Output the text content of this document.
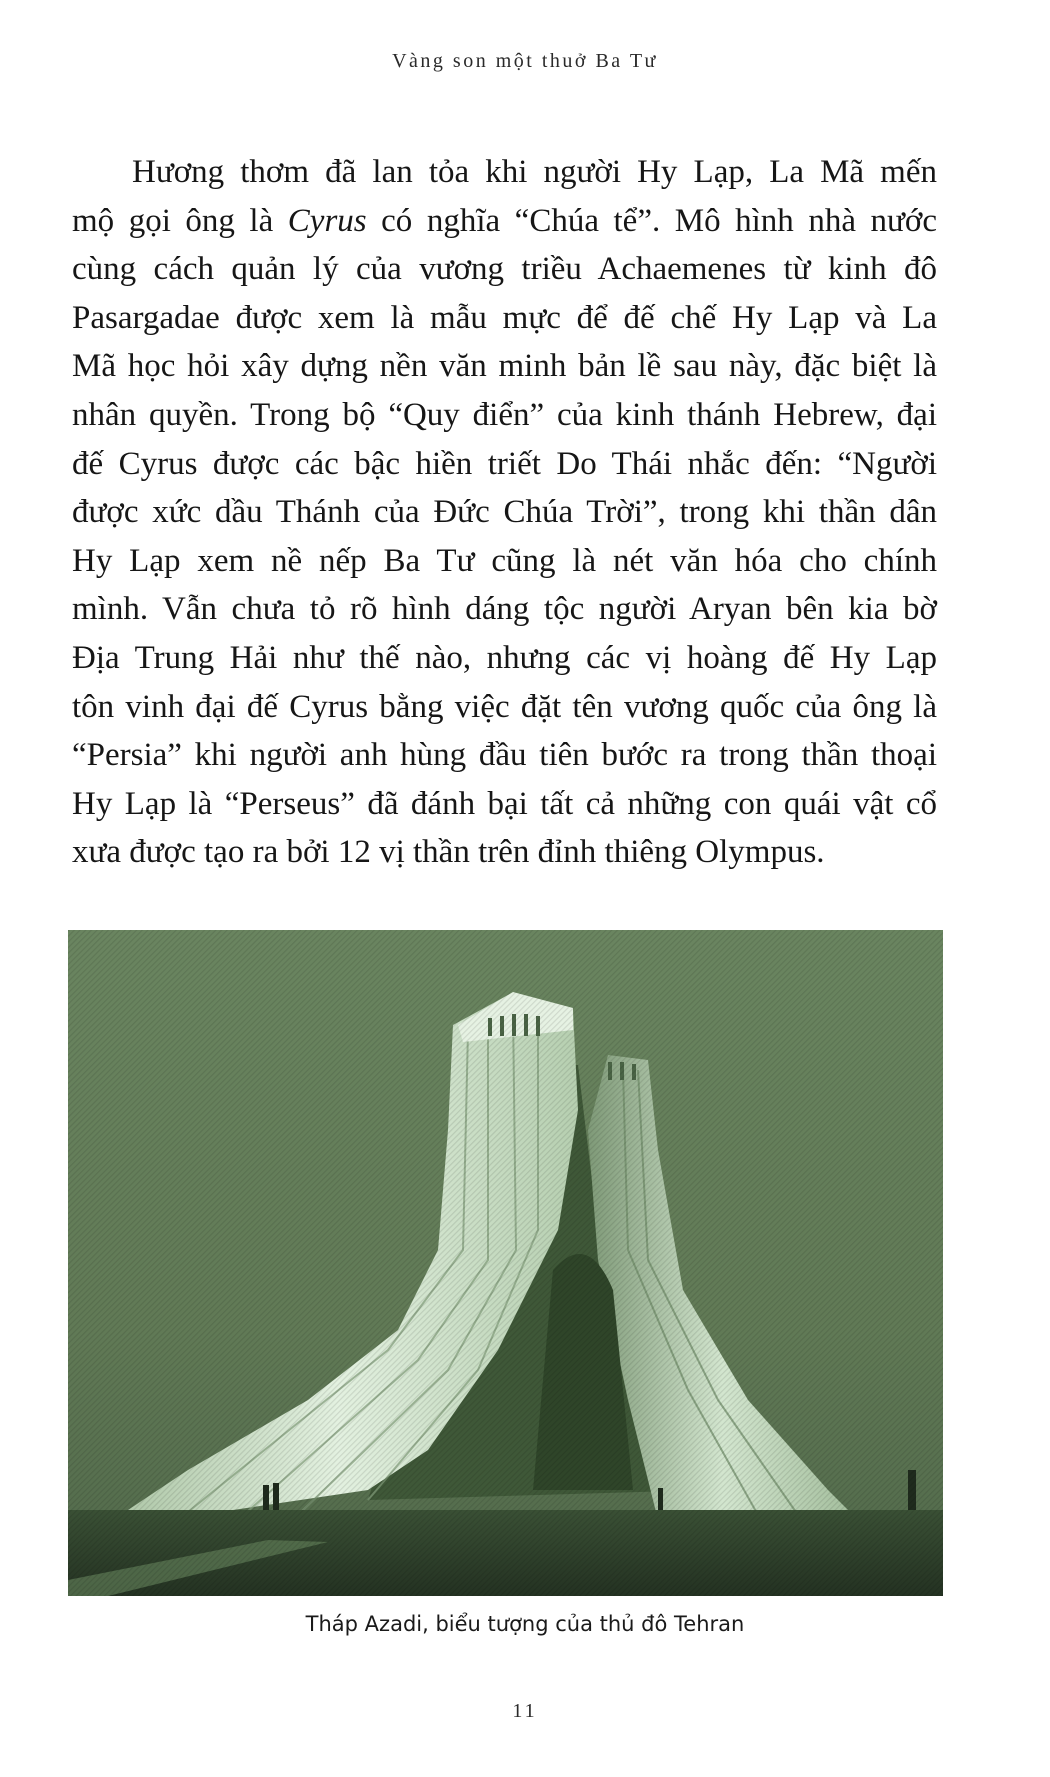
Vàng son một thuở Ba Tư
Hương thơm đã lan tỏa khi người Hy Lạp, La Mã mến
mộ gọi ông là Cyrus có nghĩa “Chúa tể”. Mô hình nhà nước
cùng cách quản lý của vương triều Achaemenes từ kinh đô
Pasargadae được xem là mẫu mực để đế chế Hy Lạp và La
Mã học hỏi xây dựng nền văn minh bản lề sau này, đặc biệt là
nhân quyền. Trong bộ “Quy điển” của kinh thánh Hebrew, đại
đế Cyrus được các bậc hiền triết Do Thái nhắc đến: “Người
được xức dầu Thánh của Đức Chúa Trời”, trong khi thần dân
Hy Lạp xem nề nếp Ba Tư cũng là nét văn hóa cho chính
mình. Vẫn chưa tỏ rõ hình dáng tộc người Aryan bên kia bờ
Địa Trung Hải như thế nào, nhưng các vị hoàng đế Hy Lạp
tôn vinh đại đế Cyrus bằng việc đặt tên vương quốc của ông là
“Persia” khi người anh hùng đầu tiên bước ra trong thần thoại
Hy Lạp là “Perseus” đã đánh bại tất cả những con quái vật cổ
xưa được tạo ra bởi 12 vị thần trên đỉnh thiêng Olympus.
Tháp Azadi, biểu tượng của thủ đô Tehran
11
